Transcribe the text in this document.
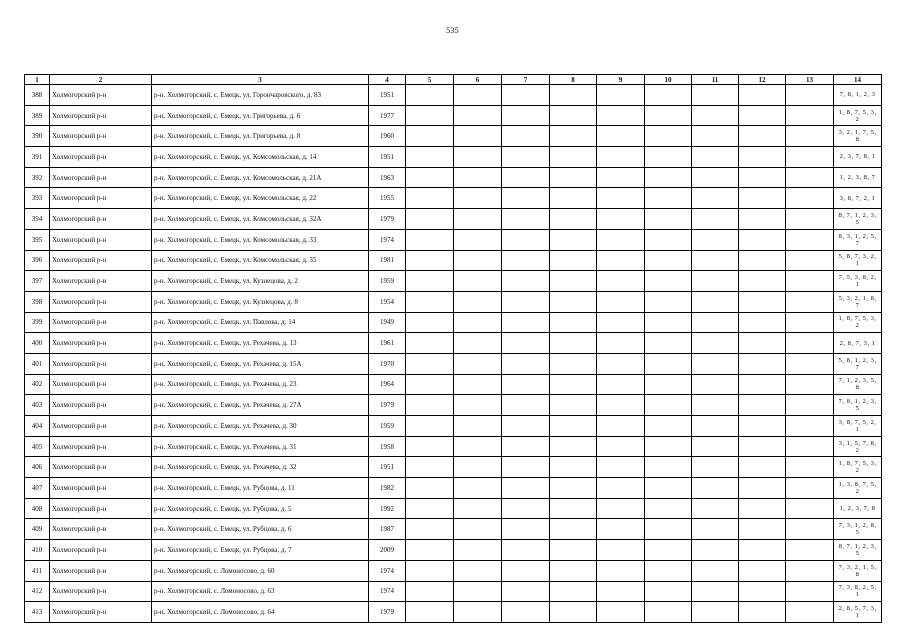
535
1	2	3	4	5	6	7	8	9	10	11	12	13	14
388	Холмогорский р-н	р-н. Холмогорский, с. Емецк, ул. Горончаровского, д. 83	1951										7, 8, 1, 2, 3
389	Холмогорский р-н	р-н. Холмогорский, с. Емецк, ул. Григорьева, д. 6	1977										1, 8, 7, 5, 3, 2
390	Холмогорский р-н	р-н. Холмогорский, с. Емецк, ул. Григорьева, д. 8	1960										3, 2, 1, 7, 5, 8
391	Холмогорский р-н	р-н. Холмогорский, с. Емецк, ул. Комсомольская, д. 14	1951										2, 3, 7, 8, 1
392	Холмогорский р-н	р-н. Холмогорский, с. Емецк, ул. Комсомольская, д. 21А	1963										1, 2, 3, 8, 7
393	Холмогорский р-н	р-н. Холмогорский, с. Емецк, ул. Комсомольская, д. 22	1955										3, 8, 7, 2, 1
394	Холмогорский р-н	р-н. Холмогорский, с. Емецк, ул. Комсомольская, д. 32А	1979										8, 7, 1, 2, 3, 5
395	Холмогорский р-н	р-н. Холмогорский, с. Емецк, ул. Комсомольская, д. 33	1974										8, 3, 1, 2, 5, 7
396	Холмогорский р-н	р-н. Холмогорский, с. Емецк, ул. Комсомольская, д. 35	1981										5, 8, 7, 3, 2, 1
397	Холмогорский р-н	р-н. Холмогорский, с. Емецк, ул. Кузнецова, д. 2	1959										7, 5, 3, 8, 2, 1
398	Холмогорский р-н	р-н. Холмогорский, с. Емецк, ул. Кузнецова, д. 8	1954										5, 3, 2, 1, 8, 7
399	Холмогорский р-н	р-н. Холмогорский, с. Емецк, ул. Павлова, д. 14	1949										1, 8, 7, 5, 3, 2
400	Холмогорский р-н	р-н. Холмогорский, с. Емецк, ул. Рехачева, д. 13	1961										2, 8, 7, 3, 1
401	Холмогорский р-н	р-н. Холмогорский, с. Емецк, ул. Рехачева, д. 15А	1970										5, 8, 1, 2, 3, 7
402	Холмогорский р-н	р-н. Холмогорский, с. Емецк, ул. Рехачева, д. 23	1964										7, 1, 2, 3, 5, 8
403	Холмогорский р-н	р-н. Холмогорский, с. Емецк, ул. Рехачева, д. 27А	1979										7, 8, 1, 2, 3, 5
404	Холмогорский р-н	р-н. Холмогорский, с. Емецк, ул. Рехачева, д. 30	1959										3, 8, 7, 5, 2, 1
405	Холмогорский р-н	р-н. Холмогорский, с. Емецк, ул. Рехачева, д. 31	1958										3, 1, 5, 7, 8, 2
406	Холмогорский р-н	р-н. Холмогорский, с. Емецк, ул. Рехачева, д. 32	1951										1, 8, 7, 5, 3, 2
407	Холмогорский р-н	р-н. Холмогорский, с. Емецк, ул. Рубцова, д. 11	1982										1, 3, 8, 7, 5, 2
408	Холмогорский р-н	р-н. Холмогорский, с. Емецк, ул. Рубцова, д. 5	1992										1, 2, 3, 7, 8
409	Холмогорский р-н	р-н. Холмогорский, с. Емецк, ул. Рубцова, д. 6	1987										7, 3, 1, 2, 8, 5
410	Холмогорский р-н	р-н. Холмогорский, с. Емецк, ул. Рубцова, д. 7	2009										8, 7, 1, 2, 3, 5
411	Холмогорский р-н	р-н. Холмогорский, с. Ломоносово, д. 60	1974										7, 3, 2, 1, 5, 8
412	Холмогорский р-н	р-н. Холмогорский, с. Ломоносово, д. 63	1974										7, 3, 8, 2, 5, 1
413	Холмогорский р-н	р-н. Холмогорский, с. Ломоносово, д. 64	1979										2, 8, 5, 7, 3, 1
